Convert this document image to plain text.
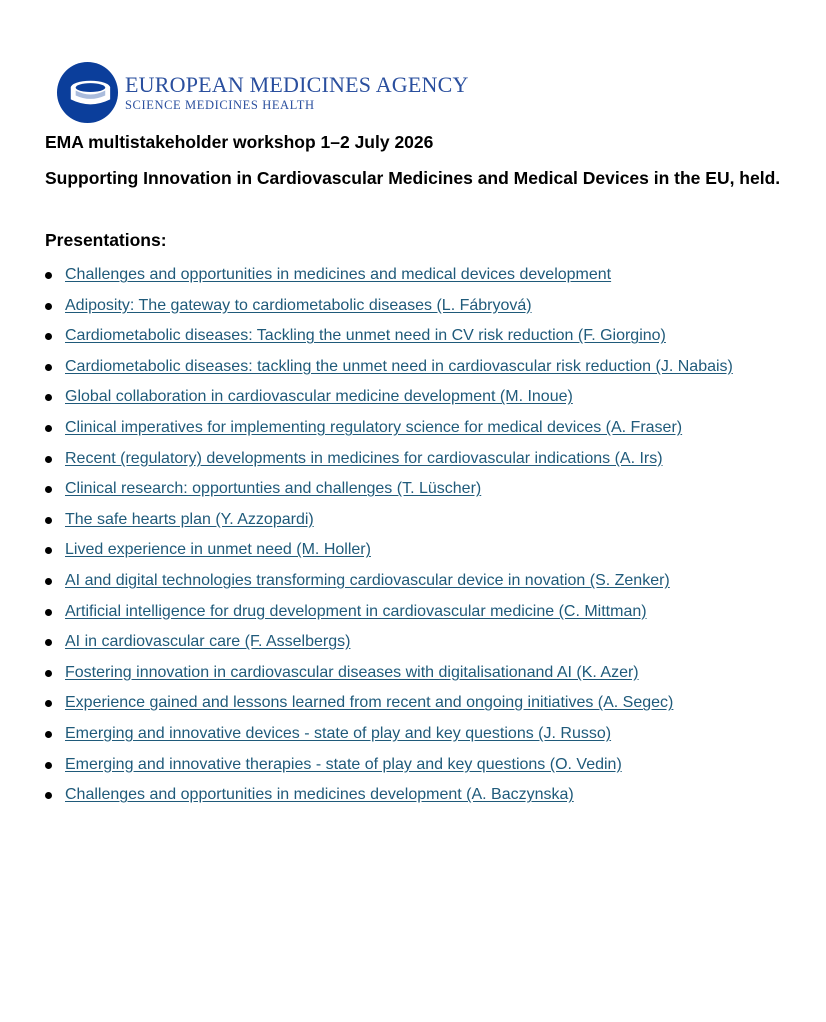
EUROPEAN MEDICINES AGENCY
SCIENCE MEDICINES HEALTH
EMA multistakeholder workshop 1–2 July 2026
Supporting Innovation in Cardiovascular Medicines and Medical Devices in the EU, held.
Presentations:
Challenges and opportunities in medicines and medical devices development
Adiposity: The gateway to cardiometabolic diseases (L. Fábryová)
Cardiometabolic diseases: Tackling the unmet need in CV risk reduction (F. Giorgino)
Cardiometabolic diseases: tackling the unmet need in cardiovascular risk reduction (J. Nabais)
Global collaboration in cardiovascular medicine development (M. Inoue)
Clinical imperatives for implementing regulatory science for medical devices (A. Fraser)
Recent (regulatory) developments in medicines for cardiovascular indications (A. Irs)
Clinical research: opportunties and challenges (T. Lüscher)
The safe hearts plan (Y. Azzopardi)
Lived experience in unmet need (M. Holler)
AI and digital technologies transforming cardiovascular device in novation (S. Zenker)
Artificial intelligence for drug development in cardiovascular medicine (C. Mittman)
AI in cardiovascular care (F. Asselbergs)
Fostering innovation in cardiovascular diseases with digitalisationand AI (K. Azer)
Experience gained and lessons learned from recent and ongoing initiatives (A. Segec)
Emerging and innovative devices - state of play and key questions (J. Russo)
Emerging and innovative therapies - state of play and key questions (O. Vedin)
Challenges and opportunities in medicines development (A. Baczynska)
